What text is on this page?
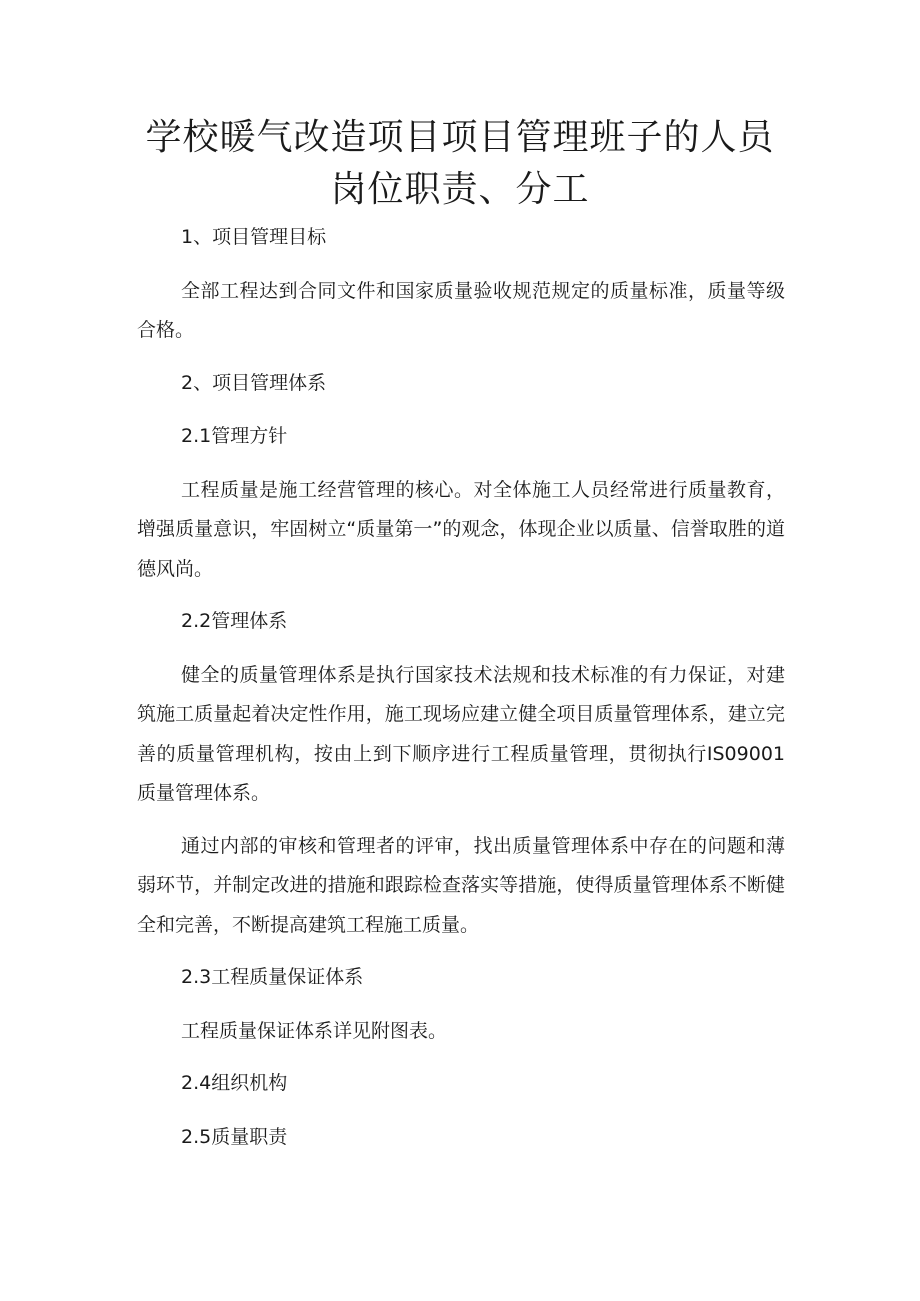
学校暖气改造项目项目管理班子的人员岗位职责、分工

1、项目管理目标

全部工程达到合同文件和国家质量验收规范规定的质量标准，质量等级合格。

2、项目管理体系

2.1管理方针

工程质量是施工经营管理的核心。对全体施工人员经常进行质量教育，增强质量意识，牢固树立“质量第一”的观念，体现企业以质量、信誉取胜的道德风尚。

2.2管理体系

健全的质量管理体系是执行国家技术法规和技术标准的有力保证，对建筑施工质量起着决定性作用，施工现场应建立健全项目质量管理体系，建立完善的质量管理机构，按由上到下顺序进行工程质量管理，贯彻执行IS09001质量管理体系。

通过内部的审核和管理者的评审，找出质量管理体系中存在的问题和薄弱环节，并制定改进的措施和跟踪检查落实等措施，使得质量管理体系不断健全和完善，不断提高建筑工程施工质量。

2.3工程质量保证体系

工程质量保证体系详见附图表。

2.4组织机构

2.5质量职责
